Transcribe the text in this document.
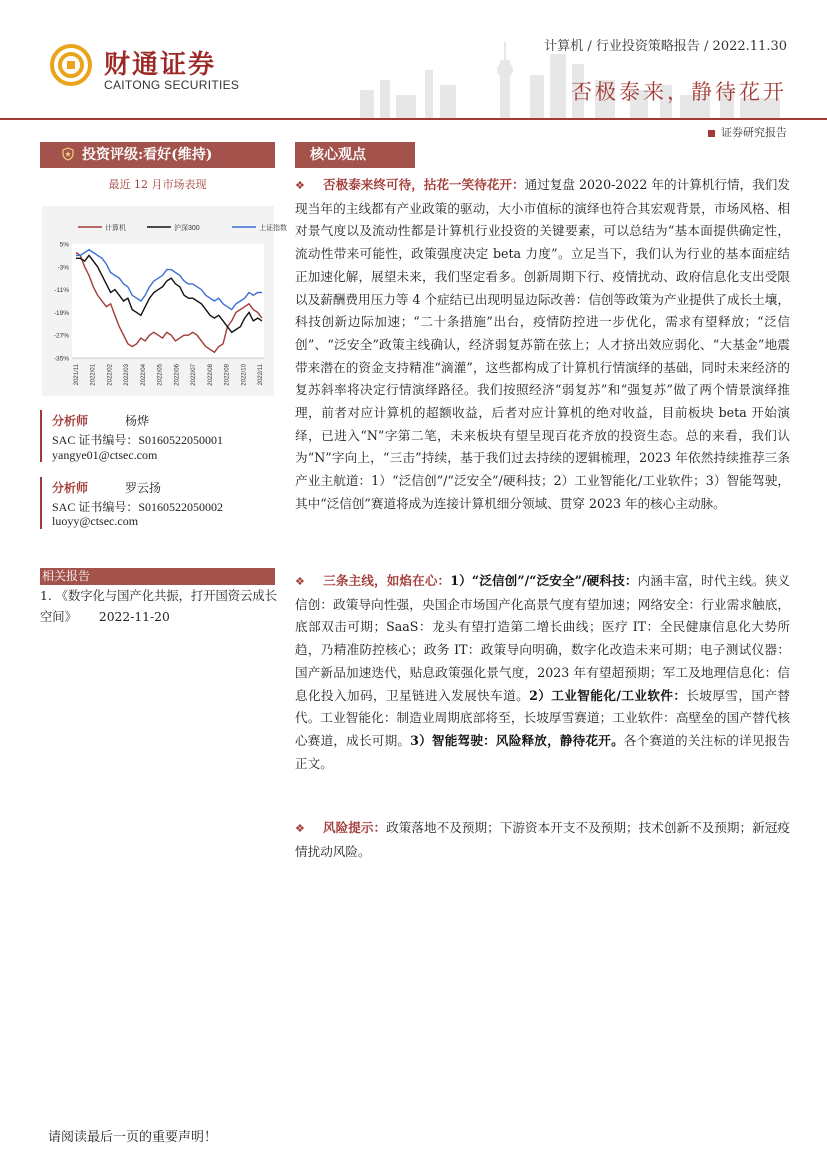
财通证券
CAITONG SECURITIES
计算机 / 行业投资策略报告 / 2022.11.30
否极泰来，静待花开
证券研究报告
投资评级:看好(维持)
最近 12 月市场表现
计算机	沪深300	上证指数
5%
-3%
-11%
-19%
-27%
-35%
2021/11 2022/01 2022/02 2022/03 2022/04 2022/05 2022/06 2022/07 2022/08 2022/09 2022/10 2022/11
分析师	杨烨
SAC 证书编号：S0160522050001
yangye01@ctsec.com
分析师	罗云扬
SAC 证书编号：S0160522050002
luoyy@ctsec.com
相关报告
1. 《数字化与国产化共振，打开国资云成长空间》 2022-11-20
核心观点
❖ 否极泰来终可待，拈花一笑待花开：通过复盘 2020-2022 年的计算机行情，我们发现当年的主线都有产业政策的驱动，大小市值标的演绎也符合其宏观背景，市场风格、相对景气度以及流动性都是计算机行业投资的关键要素，可以总结为“基本面提供确定性，流动性带来可能性，政策强度决定 beta 力度”。立足当下，我们认为行业的基本面症结正加速化解，展望未来，我们坚定看多。创新周期下行、疫情扰动、政府信息化支出受限以及薪酬费用压力等 4 个症结已出现明显边际改善：信创等政策为产业提供了成长土壤，科技创新边际加速；“二十条措施”出台，疫情防控进一步优化，需求有望释放；“泛信创”、“泛安全”政策主线确认，经济弱复苏箭在弦上；人才挤出效应弱化、“大基金”地震带来潜在的资金支持精准“滴灌”，这些都构成了计算机行情演绎的基础，同时未来经济的复苏斜率将决定行情演绎路径。我们按照经济“弱复苏”和“强复苏”做了两个情景演绎推理，前者对应计算机的超额收益，后者对应计算机的绝对收益，目前板块 beta 开始演绎，已进入“N”字第二笔，未来板块有望呈现百花齐放的投资生态。总的来看，我们认为“N”字向上，“三击”持续，基于我们过去持续的逻辑梳理，2023 年依然持续推荐三条产业主航道：1）“泛信创”/“泛安全”/硬科技；2）工业智能化/工业软件；3）智能驾驶，其中“泛信创”赛道将成为连接计算机细分领域、贯穿 2023 年的核心主动脉。
❖ 三条主线，如焰在心：1）“泛信创”/“泛安全”/硬科技：内涵丰富，时代主线。狭义信创：政策导向性强，央国企市场国产化高景气度有望加速；网络安全：行业需求触底，底部双击可期；SaaS：龙头有望打造第二增长曲线；医疗 IT：全民健康信息化大势所趋，乃精准防控核心；政务 IT：政策导向明确，数字化改造未来可期；电子测试仪器：国产新品加速迭代，贴息政策强化景气度，2023 年有望超预期；军工及地理信息化：信息化投入加码，卫星链进入发展快车道。2）工业智能化/工业软件：长坡厚雪，国产替代。工业智能化：制造业周期底部将至，长坡厚雪赛道；工业软件：高壁垒的国产替代核心赛道，成长可期。3）智能驾驶：风险释放，静待花开。各个赛道的关注标的详见报告正文。
❖ 风险提示：政策落地不及预期；下游资本开支不及预期；技术创新不及预期；新冠疫情扰动风险。
请阅读最后一页的重要声明！
